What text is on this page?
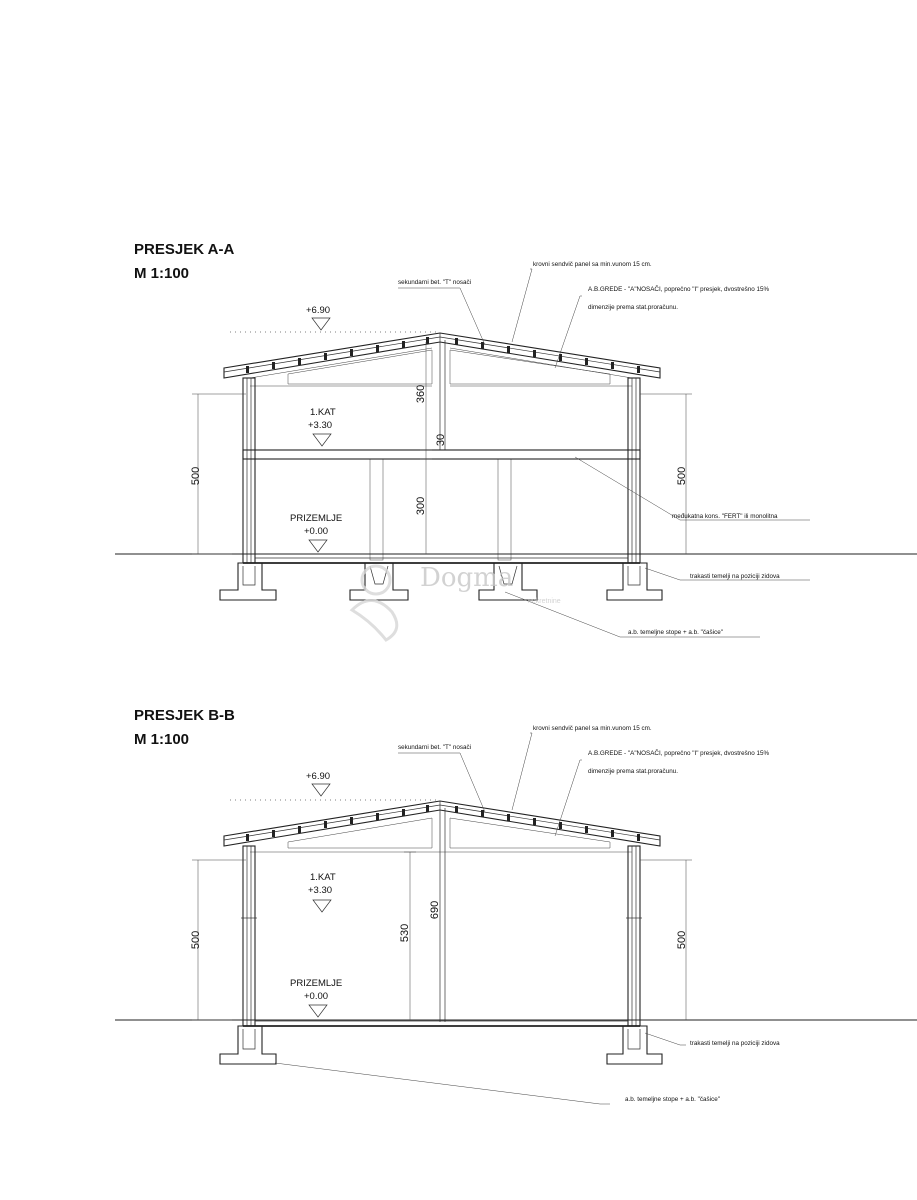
PRESJEK A-A
M 1:100
+6.90
1.KAT
+3.30
PRIZEMLJE
+0.00
500	500
360
30
300
krovni sendvič panel sa min.vunom 15 cm.
sekundarni bet. "T" nosači
A.B.GREDE - "A"NOSAČI, poprečno "I" presjek, dvostrešno 15%
dimenzije prema stat.proračunu.
međukatna kons. "FERT" ili monolitna
trakasti temelji na poziciji zidova
a.b. temeljne stope + a.b. "čašice"
Dogma
nekretnine
PRESJEK B-B
M 1:100
+6.90
1.KAT
+3.30
PRIZEMLJE
+0.00
500	500
530
690
krovni sendvič panel sa min.vunom 15 cm.
sekundarni bet. "T" nosači
A.B.GREDE - "A"NOSAČI, poprečno "I" presjek, dvostrešno 15%
dimenzije prema stat.proračunu.
trakasti temelji na poziciji zidova
a.b. temeljne stope + a.b. "čašice"
